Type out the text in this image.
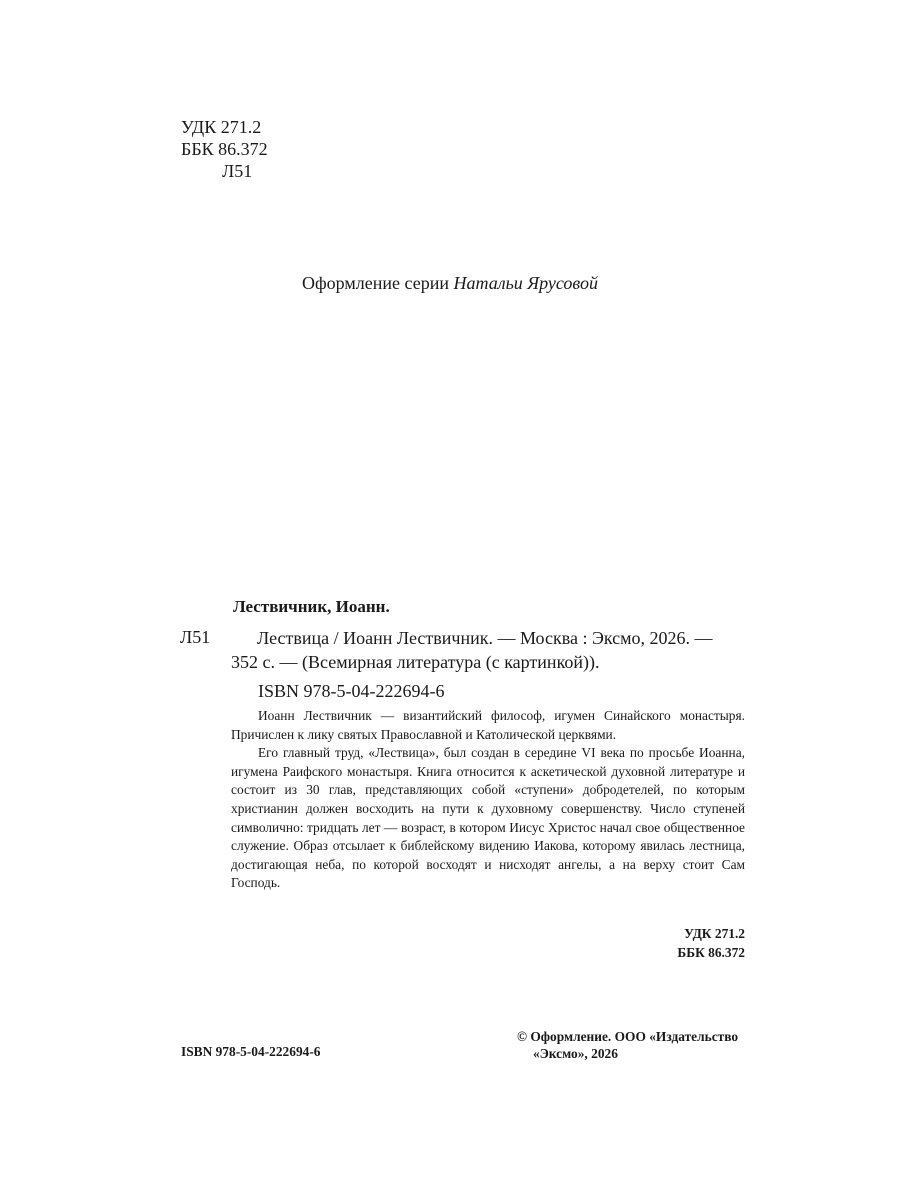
УДК 271.2
ББК 86.372
Л51
Оформление серии Натальи Ярусовой
Лествичник, Иоанн.
Л51	Лествица / Иоанн Лествичник. — Москва : Эксмо, 2026. —
352 с. — (Всемирная литература (с картинкой)).
ISBN 978-5-04-222694-6

Иоанн Лествичник — византийский философ, игумен Синайского монастыря. Причислен к лику святых Православной и Католической церквями.

Его главный труд, «Лествица», был создан в середине VI века по просьбе Иоанна, игумена Раифского монастыря. Книга относится к аскетической духовной литературе и состоит из 30 глав, представляющих собой «ступени» добродетелей, по которым христианин должен восходить на пути к духовному совершенству. Число ступеней символично: тридцать лет — возраст, в котором Иисус Христос начал свое общественное служение. Образ отсылает к библейскому видению Иакова, которому явилась лестница, достигающая неба, по которой восходят и нисходят ангелы, а на верху стоит Сам Господь.

УДК 271.2
ББК 86.372
ISBN 978-5-04-222694-6
© Оформление. ООО «Издательство
«Эксмо», 2026
